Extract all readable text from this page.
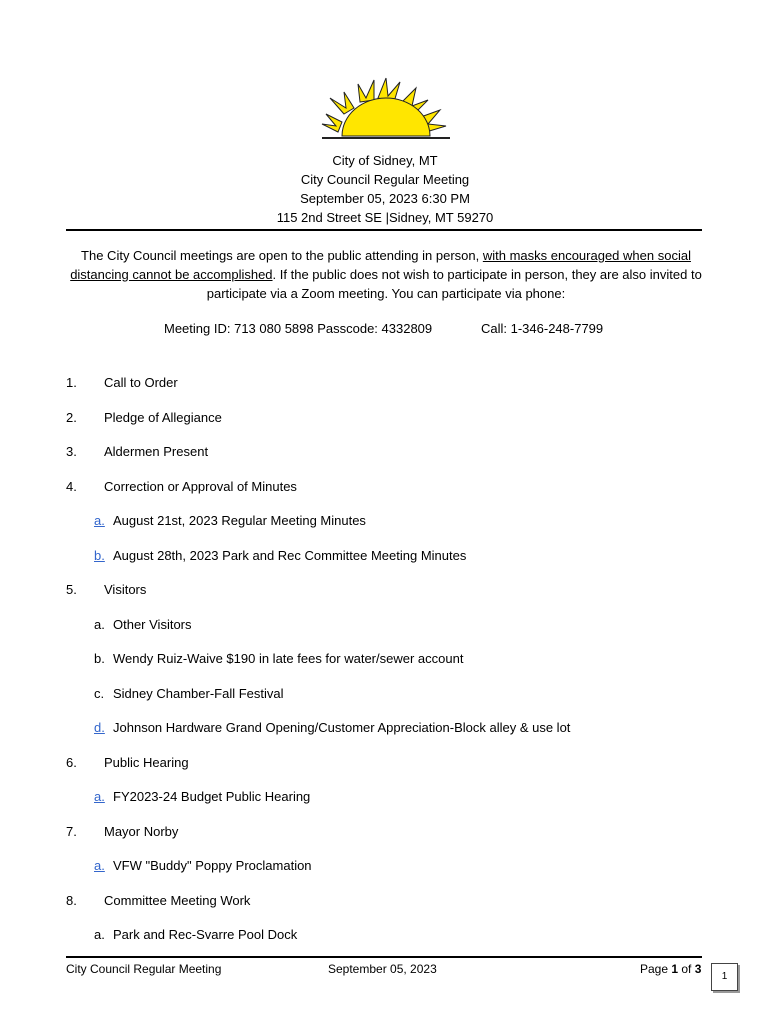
City of Sidney, MT
City Council Regular Meeting
September 05, 2023 6:30 PM
115 2nd Street SE |Sidney, MT 59270
The City Council meetings are open to the public attending in person, with masks encouraged when social distancing cannot be accomplished. If the public does not wish to participate in person, they are also invited to participate via a Zoom meeting. You can participate via phone:
Meeting ID: 713 080 5898 Passcode: 4332809	Call: 1-346-248-7799
1. Call to Order
2. Pledge of Allegiance
3. Aldermen Present
4. Correction or Approval of Minutes
a. August 21st, 2023 Regular Meeting Minutes
b. August 28th, 2023 Park and Rec Committee Meeting Minutes
5. Visitors
a. Other Visitors
b. Wendy Ruiz-Waive $190 in late fees for water/sewer account
c. Sidney Chamber-Fall Festival
d. Johnson Hardware Grand Opening/Customer Appreciation-Block alley & use lot
6. Public Hearing
a. FY2023-24 Budget Public Hearing
7. Mayor Norby
a. VFW "Buddy" Poppy Proclamation
8. Committee Meeting Work
a. Park and Rec-Svarre Pool Dock
City Council Regular Meeting	September 05, 2023	Page 1 of 3
1
